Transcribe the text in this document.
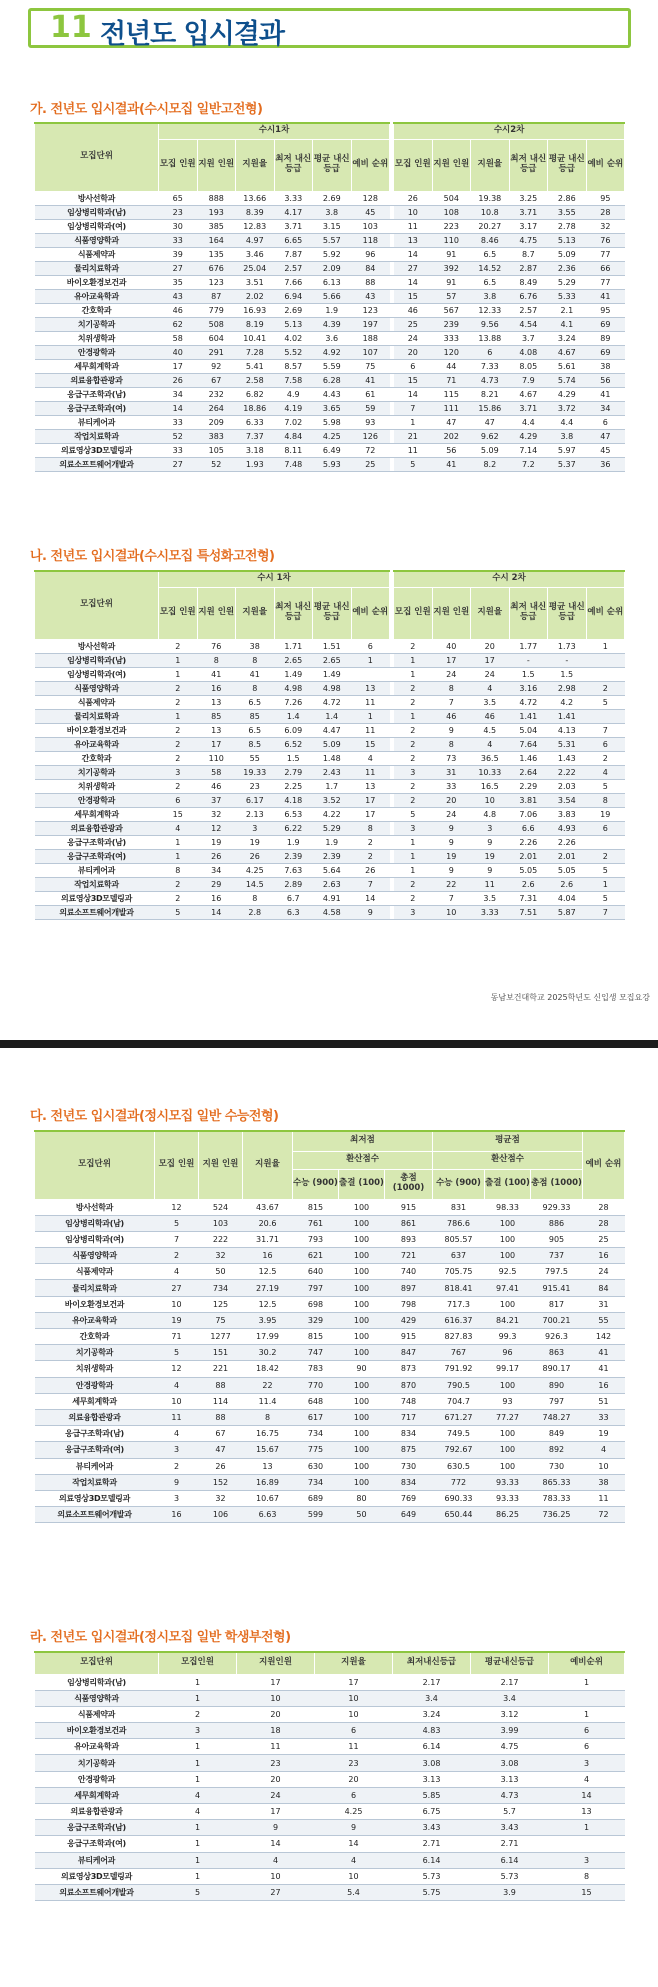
11 전년도 입시결과
가. 전년도 입시결과(수시모집 일반고전형)
모집단위	수시1차							수시2차					
	모집 인원	지원 인원	지원율	최저 내신 등급	평균 내신 등급	예비 순위		모집 인원	지원 인원	지원율	최저 내신 등급	평균 내신 등급	예비 순위
방사선학과	65	888	13.66	3.33	2.69	128		26	504	19.38	3.25	2.86	95
임상병리학과(남)	23	193	8.39	4.17	3.8	45		10	108	10.8	3.71	3.55	28
임상병리학과(여)	30	385	12.83	3.71	3.15	103		11	223	20.27	3.17	2.78	32
식품영양학과	33	164	4.97	6.65	5.57	118		13	110	8.46	4.75	5.13	76
식품제약과	39	135	3.46	7.87	5.92	96		14	91	6.5	8.7	5.09	77
물리치료학과	27	676	25.04	2.57	2.09	84		27	392	14.52	2.87	2.36	66
바이오환경보건과	35	123	3.51	7.66	6.13	88		14	91	6.5	8.49	5.29	77
유아교육학과	43	87	2.02	6.94	5.66	43		15	57	3.8	6.76	5.33	41
간호학과	46	779	16.93	2.69	1.9	123		46	567	12.33	2.57	2.1	95
치기공학과	62	508	8.19	5.13	4.39	197		25	239	9.56	4.54	4.1	69
치위생학과	58	604	10.41	4.02	3.6	188		24	333	13.88	3.7	3.24	89
안경광학과	40	291	7.28	5.52	4.92	107		20	120	6	4.08	4.67	69
세무회계학과	17	92	5.41	8.57	5.59	75		6	44	7.33	8.05	5.61	38
의료융합관광과	26	67	2.58	7.58	6.28	41		15	71	4.73	7.9	5.74	56
응급구조학과(남)	34	232	6.82	4.9	4.43	61		14	115	8.21	4.67	4.29	41
응급구조학과(여)	14	264	18.86	4.19	3.65	59		7	111	15.86	3.71	3.72	34
뷰티케어과	33	209	6.33	7.02	5.98	93		1	47	47	4.4	4.4	6
작업치료학과	52	383	7.37	4.84	4.25	126		21	202	9.62	4.29	3.8	47
의료영상3D모델링과	33	105	3.18	8.11	6.49	72		11	56	5.09	7.14	5.97	45
의료소프트웨어개발과	27	52	1.93	7.48	5.93	25		5	41	8.2	7.2	5.37	36
나. 전년도 입시결과(수시모집 특성화고전형)
모집단위	수시 1차							수시 2차					
	모집 인원	지원 인원	지원율	최저 내신 등급	평균 내신 등급	예비 순위		모집 인원	지원 인원	지원율	최저 내신 등급	평균 내신 등급	예비 순위
방사선학과	2	76	38	1.71	1.51	6		2	40	20	1.77	1.73	1
임상병리학과(남)	1	8	8	2.65	2.65	1		1	17	17	-	-	
임상병리학과(여)	1	41	41	1.49	1.49			1	24	24	1.5	1.5	
식품영양학과	2	16	8	4.98	4.98	13		2	8	4	3.16	2.98	2
식품제약과	2	13	6.5	7.26	4.72	11		2	7	3.5	4.72	4.2	5
물리치료학과	1	85	85	1.4	1.4	1		1	46	46	1.41	1.41	
바이오환경보건과	2	13	6.5	6.09	4.47	11		2	9	4.5	5.04	4.13	7
유아교육학과	2	17	8.5	6.52	5.09	15		2	8	4	7.64	5.31	6
간호학과	2	110	55	1.5	1.48	4		2	73	36.5	1.46	1.43	2
치기공학과	3	58	19.33	2.79	2.43	11		3	31	10.33	2.64	2.22	4
치위생학과	2	46	23	2.25	1.7	13		2	33	16.5	2.29	2.03	5
안경광학과	6	37	6.17	4.18	3.52	17		2	20	10	3.81	3.54	8
세무회계학과	15	32	2.13	6.53	4.22	17		5	24	4.8	7.06	3.83	19
의료융합관광과	4	12	3	6.22	5.29	8		3	9	3	6.6	4.93	6
응급구조학과(남)	1	19	19	1.9	1.9	2		1	9	9	2.26	2.26	
응급구조학과(여)	1	26	26	2.39	2.39	2		1	19	19	2.01	2.01	2
뷰티케어과	8	34	4.25	7.63	5.64	26		1	9	9	5.05	5.05	5
작업치료학과	2	29	14.5	2.89	2.63	7		2	22	11	2.6	2.6	1
의료영상3D모델링과	2	16	8	6.7	4.91	14		2	7	3.5	7.31	4.04	5
의료소프트웨어개발과	5	14	2.8	6.3	4.58	9		3	10	3.33	7.51	5.87	7
동남보건대학교 2025학년도 신입생 모집요강
다. 전년도 입시결과(정시모집 일반 수능전형)
모집단위	모집 인원	지원 인원	지원율	최저점			평균점			예비 순위
				환산점수			환산점수			
				수능 (900)	출결 (100)	총점 (1000)	수능 (900)	출결 (100)	총점 (1000)	
방사선학과	12	524	43.67	815	100	915	831	98.33	929.33	28
임상병리학과(남)	5	103	20.6	761	100	861	786.6	100	886	28
임상병리학과(여)	7	222	31.71	793	100	893	805.57	100	905	25
식품영양학과	2	32	16	621	100	721	637	100	737	16
식품제약과	4	50	12.5	640	100	740	705.75	92.5	797.5	24
물리치료학과	27	734	27.19	797	100	897	818.41	97.41	915.41	84
바이오환경보건과	10	125	12.5	698	100	798	717.3	100	817	31
유아교육학과	19	75	3.95	329	100	429	616.37	84.21	700.21	55
간호학과	71	1277	17.99	815	100	915	827.83	99.3	926.3	142
치기공학과	5	151	30.2	747	100	847	767	96	863	41
치위생학과	12	221	18.42	783	90	873	791.92	99.17	890.17	41
안경광학과	4	88	22	770	100	870	790.5	100	890	16
세무회계학과	10	114	11.4	648	100	748	704.7	93	797	51
의료융합관광과	11	88	8	617	100	717	671.27	77.27	748.27	33
응급구조학과(남)	4	67	16.75	734	100	834	749.5	100	849	19
응급구조학과(여)	3	47	15.67	775	100	875	792.67	100	892	4
뷰티케어과	2	26	13	630	100	730	630.5	100	730	10
작업치료학과	9	152	16.89	734	100	834	772	93.33	865.33	38
의료영상3D모델링과	3	32	10.67	689	80	769	690.33	93.33	783.33	11
의료소프트웨어개발과	16	106	6.63	599	50	649	650.44	86.25	736.25	72
라. 전년도 입시결과(정시모집 일반 학생부전형)
모집단위	모집인원	지원인원	지원율	최저내신등급	평균내신등급	예비순위
임상병리학과(남)	1	17	17	2.17	2.17	1
식품영양학과	1	10	10	3.4	3.4	
식품제약과	2	20	10	3.24	3.12	1
바이오환경보건과	3	18	6	4.83	3.99	6
유아교육학과	1	11	11	6.14	4.75	6
치기공학과	1	23	23	3.08	3.08	3
안경광학과	1	20	20	3.13	3.13	4
세무회계학과	4	24	6	5.85	4.73	14
의료융합관광과	4	17	4.25	6.75	5.7	13
응급구조학과(남)	1	9	9	3.43	3.43	1
응급구조학과(여)	1	14	14	2.71	2.71	
뷰티케어과	1	4	4	6.14	6.14	3
의료영상3D모델링과	1	10	10	5.73	5.73	8
의료소프트웨어개발과	5	27	5.4	5.75	3.9	15
